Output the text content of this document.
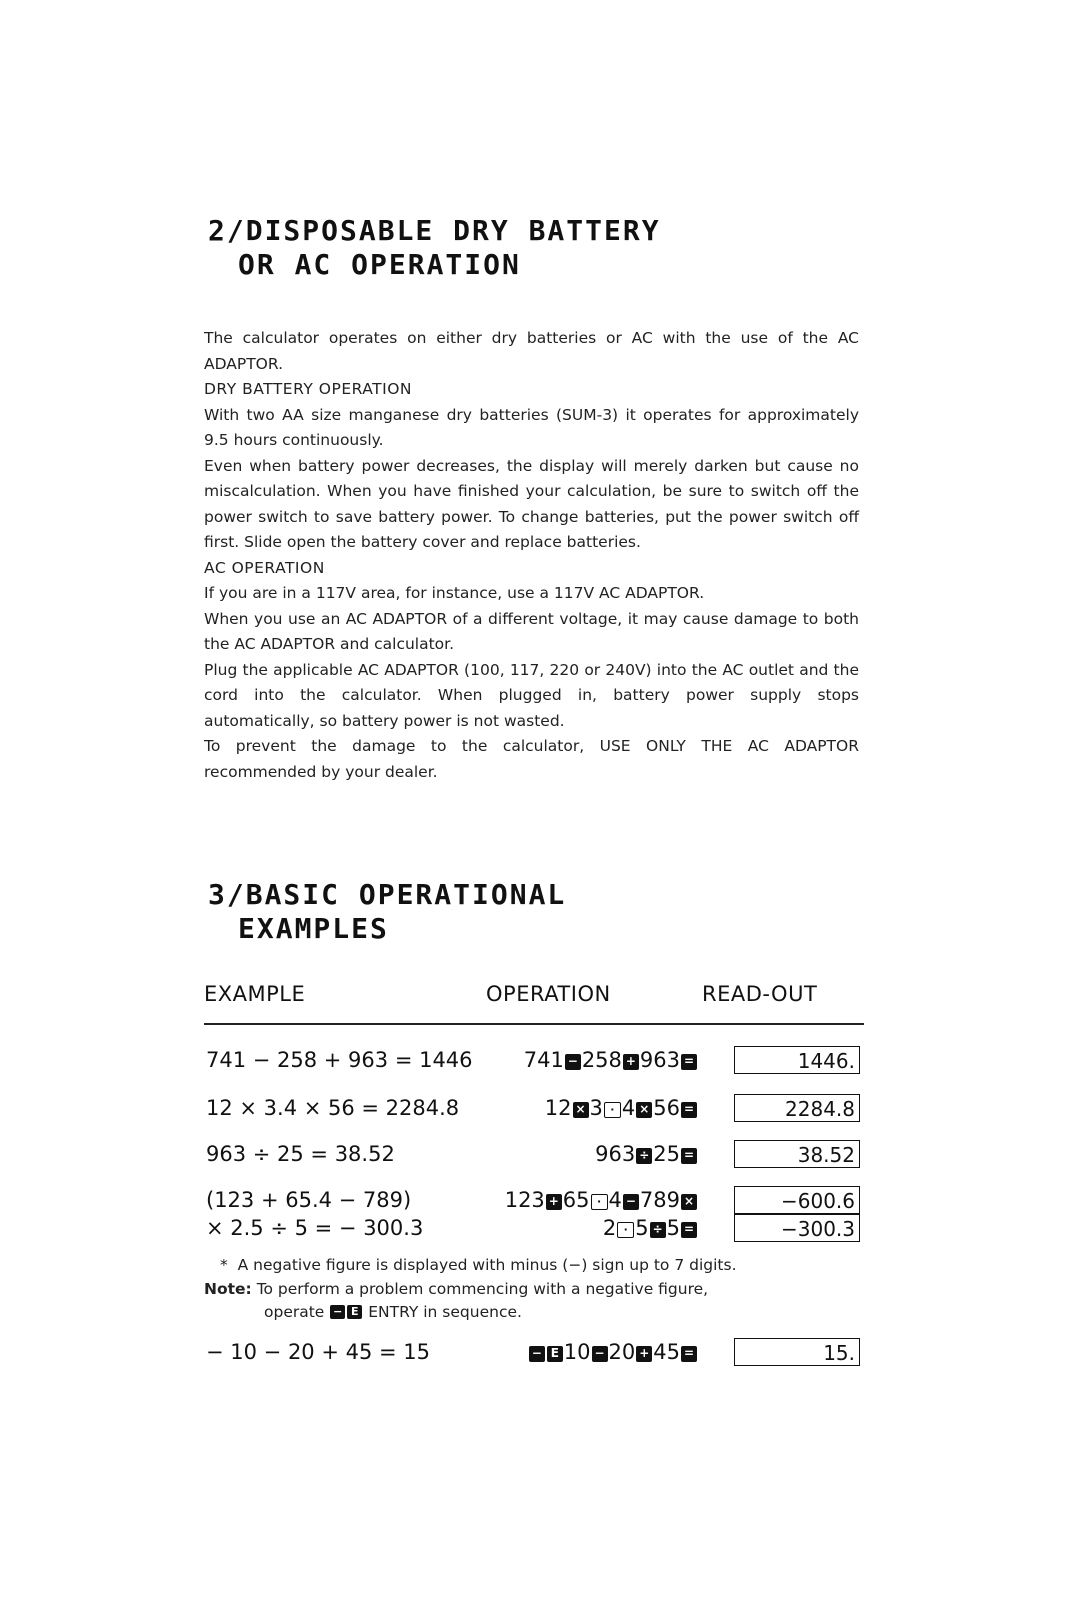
2/DISPOSABLE DRY BATTERY
OR AC OPERATION

The calculator operates on either dry batteries or AC with the use of the AC ADAPTOR.

DRY BATTERY OPERATION

With two AA size manganese dry batteries (SUM-3) it operates for approximately 9.5 hours continuously.

Even when battery power decreases, the display will merely darken but cause no miscalculation. When you have finished your calculation, be sure to switch off the power switch to save battery power. To change batteries, put the power switch off first. Slide open the battery cover and replace batteries.

AC OPERATION

If you are in a 117V area, for instance, use a 117V AC ADAPTOR.

When you use an AC ADAPTOR of a different voltage, it may cause damage to both the AC ADAPTOR and calculator.

Plug the applicable AC ADAPTOR (100, 117, 220 or 240V) into the AC outlet and the cord into the calculator. When plugged in, battery power supply stops automatically, so battery power is not wasted.

To prevent the damage to the calculator, USE ONLY THE AC ADAPTOR recommended by your dealer.

3/BASIC OPERATIONAL
EXAMPLES
EXAMPLE	OPERATION	READ-OUT
741 − 258 + 963 = 1446	741 − 258 + 963 =	1446.
12 × 3.4 × 56 = 2284.8	12 × 3 · 4 × 56 =	2284.8
963 ÷ 25 = 38.52	963 ÷ 25 =	38.52
(123 + 65.4 − 789)	123 + 65 · 4 − 789 ×	−600.6
× 2.5 ÷ 5 = − 300.3	2 · 5 ÷ 5 =	−300.3
*  A negative figure is displayed with minus (−) sign up to 7 digits.
Note: To perform a problem commencing with a negative figure,
operate − E ENTRY in sequence.
− 10 − 20 + 45 = 15	− E 10 − 20 + 45 =	15.
